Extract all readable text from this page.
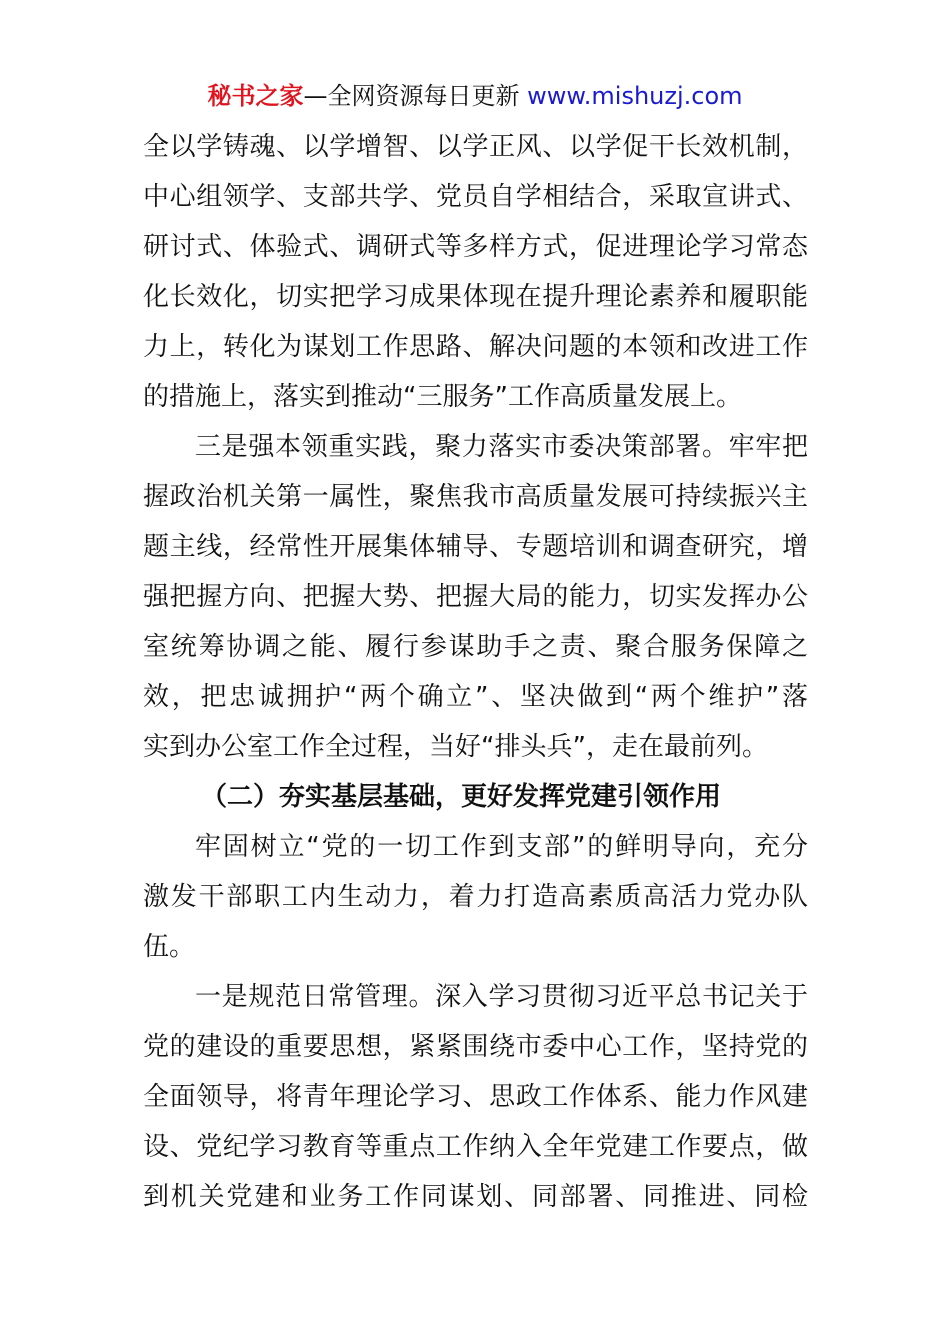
秘书之家—全网资源每日更新 www.mishuzj.com
全以学铸魂、以学增智、以学正风、以学促干长效机制，
中心组领学、支部共学、党员自学相结合，采取宣讲式、
研讨式、体验式、调研式等多样方式，促进理论学习常态
化长效化，切实把学习成果体现在提升理论素养和履职能
力上，转化为谋划工作思路、解决问题的本领和改进工作
的措施上，落实到推动“三服务”工作高质量发展上。
三是强本领重实践，聚力落实市委决策部署。牢牢把
握政治机关第一属性，聚焦我市高质量发展可持续振兴主
题主线，经常性开展集体辅导、专题培训和调查研究，增
强把握方向、把握大势、把握大局的能力，切实发挥办公
室统筹协调之能、履行参谋助手之责、聚合服务保障之
效，把忠诚拥护“两个确立”、坚决做到“两个维护”落
实到办公室工作全过程，当好“排头兵”，走在最前列。
（二）夯实基层基础，更好发挥党建引领作用
牢固树立“党的一切工作到支部”的鲜明导向，充分
激发干部职工内生动力，着力打造高素质高活力党办队
伍。
一是规范日常管理。深入学习贯彻习近平总书记关于
党的建设的重要思想，紧紧围绕市委中心工作，坚持党的
全面领导，将青年理论学习、思政工作体系、能力作风建
设、党纪学习教育等重点工作纳入全年党建工作要点，做
到机关党建和业务工作同谋划、同部署、同推进、同检
